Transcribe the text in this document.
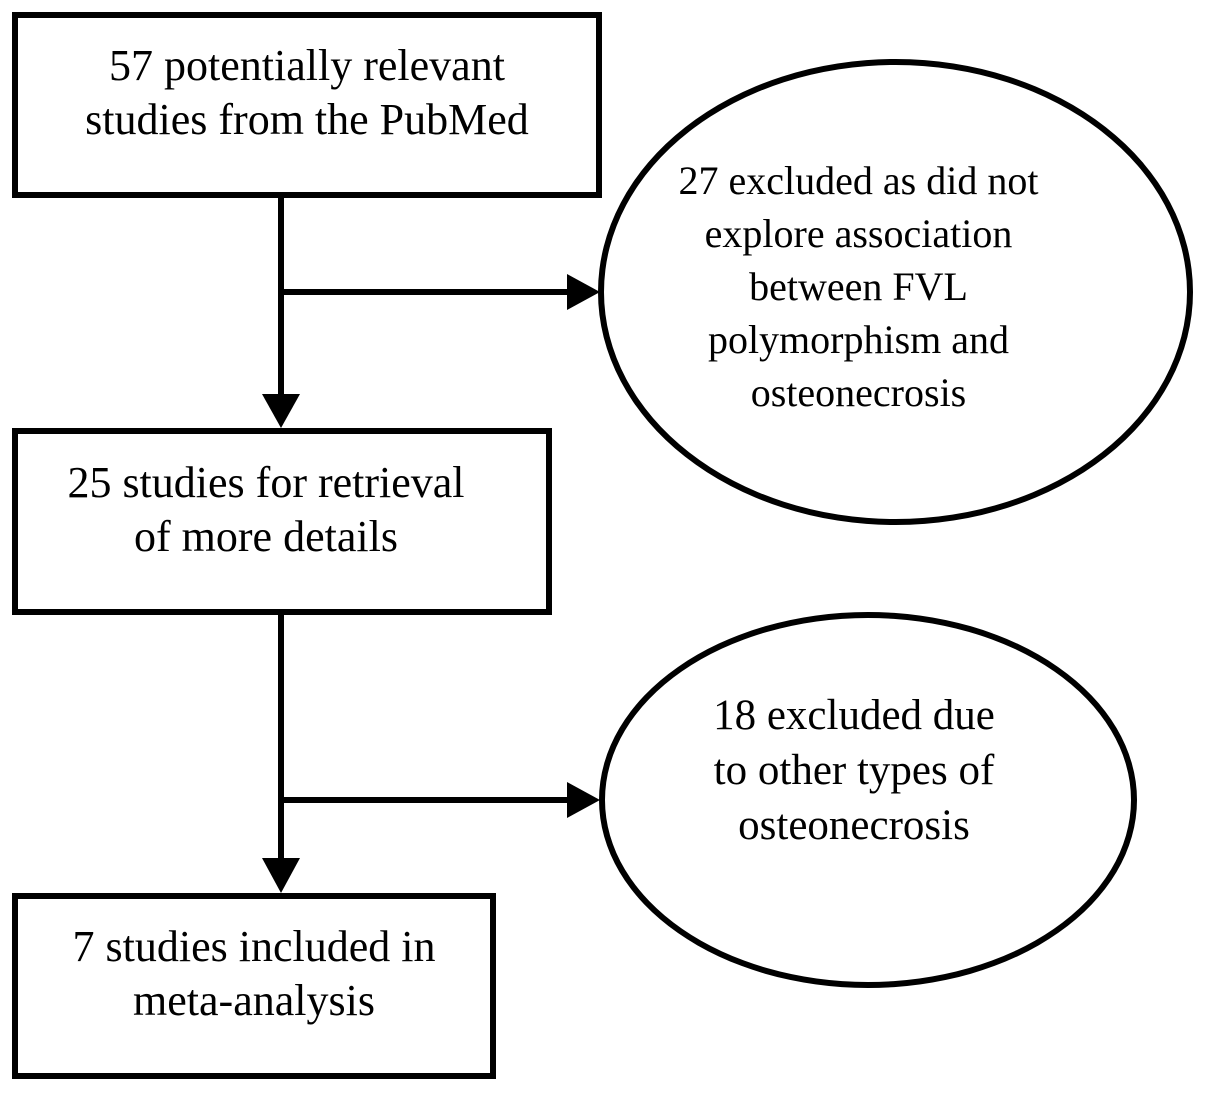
57 potentially relevant
studies from the PubMed
27 excluded as did not
explore association
between FVL
polymorphism and
osteonecrosis
25 studies for retrieval
of more details
18 excluded due
to other types of
osteonecrosis
7 studies included in
meta-analysis
